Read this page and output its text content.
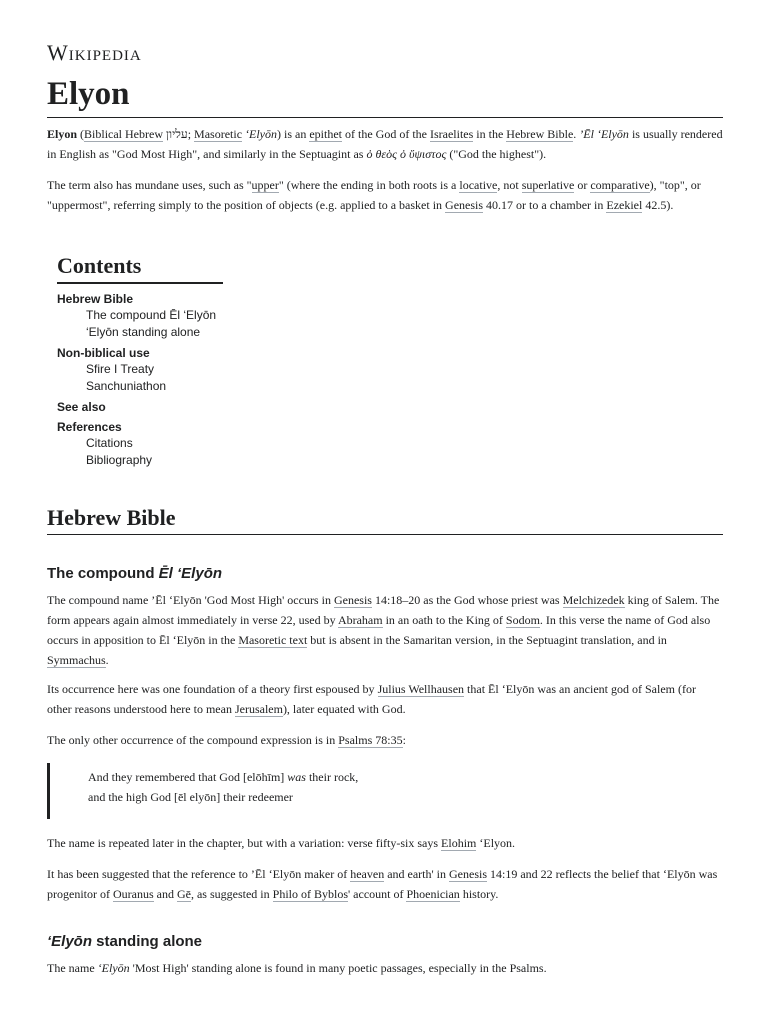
Wikipedia
Elyon

Elyon (Biblical Hebrew עליון; Masoretic ‘Elyōn) is an epithet of the God of the Israelites in the Hebrew Bible. ’Ēl ‘Elyōn is usually rendered in English as "God Most High", and similarly in the Septuagint as ὁ θεὸς ὁ ὕψιστος ("God the highest").

The term also has mundane uses, such as "upper" (where the ending in both roots is a locative, not superlative or comparative), "top", or "uppermost", referring simply to the position of objects (e.g. applied to a basket in Genesis 40.17 or to a chamber in Ezekiel 42.5).

Contents
Hebrew Bible
The compound Ēl ‘Elyōn
‘Elyōn standing alone
Non-biblical use
Sfire I Treaty
Sanchuniathon
See also
References
Citations
Bibliography
Hebrew Bible
The compound Ēl ‘Elyōn

The compound name ’Ēl ‘Elyōn 'God Most High' occurs in Genesis 14:18–20 as the God whose priest was Melchizedek king of Salem. The form appears again almost immediately in verse 22, used by Abraham in an oath to the King of Sodom. In this verse the name of God also occurs in apposition to Ēl ‘Elyōn in the Masoretic text but is absent in the Samaritan version, in the Septuagint translation, and in Symmachus.

Its occurrence here was one foundation of a theory first espoused by Julius Wellhausen that Ēl ‘Elyōn was an ancient god of Salem (for other reasons understood here to mean Jerusalem), later equated with God.

The only other occurrence of the compound expression is in Psalms 78:35:

And they remembered that God [elōhīm] was their rock,
and the high God [ēl elyōn] their redeemer

The name is repeated later in the chapter, but with a variation: verse fifty-six says Elohim ‘Elyon.

It has been suggested that the reference to ’Ēl ‘Elyōn maker of heaven and earth' in Genesis 14:19 and 22 reflects the belief that ‘Elyōn was progenitor of Ouranus and Gē, as suggested in Philo of Byblos' account of Phoenician history.

‘Elyōn standing alone

The name ‘Elyōn 'Most High' standing alone is found in many poetic passages, especially in the Psalms.
